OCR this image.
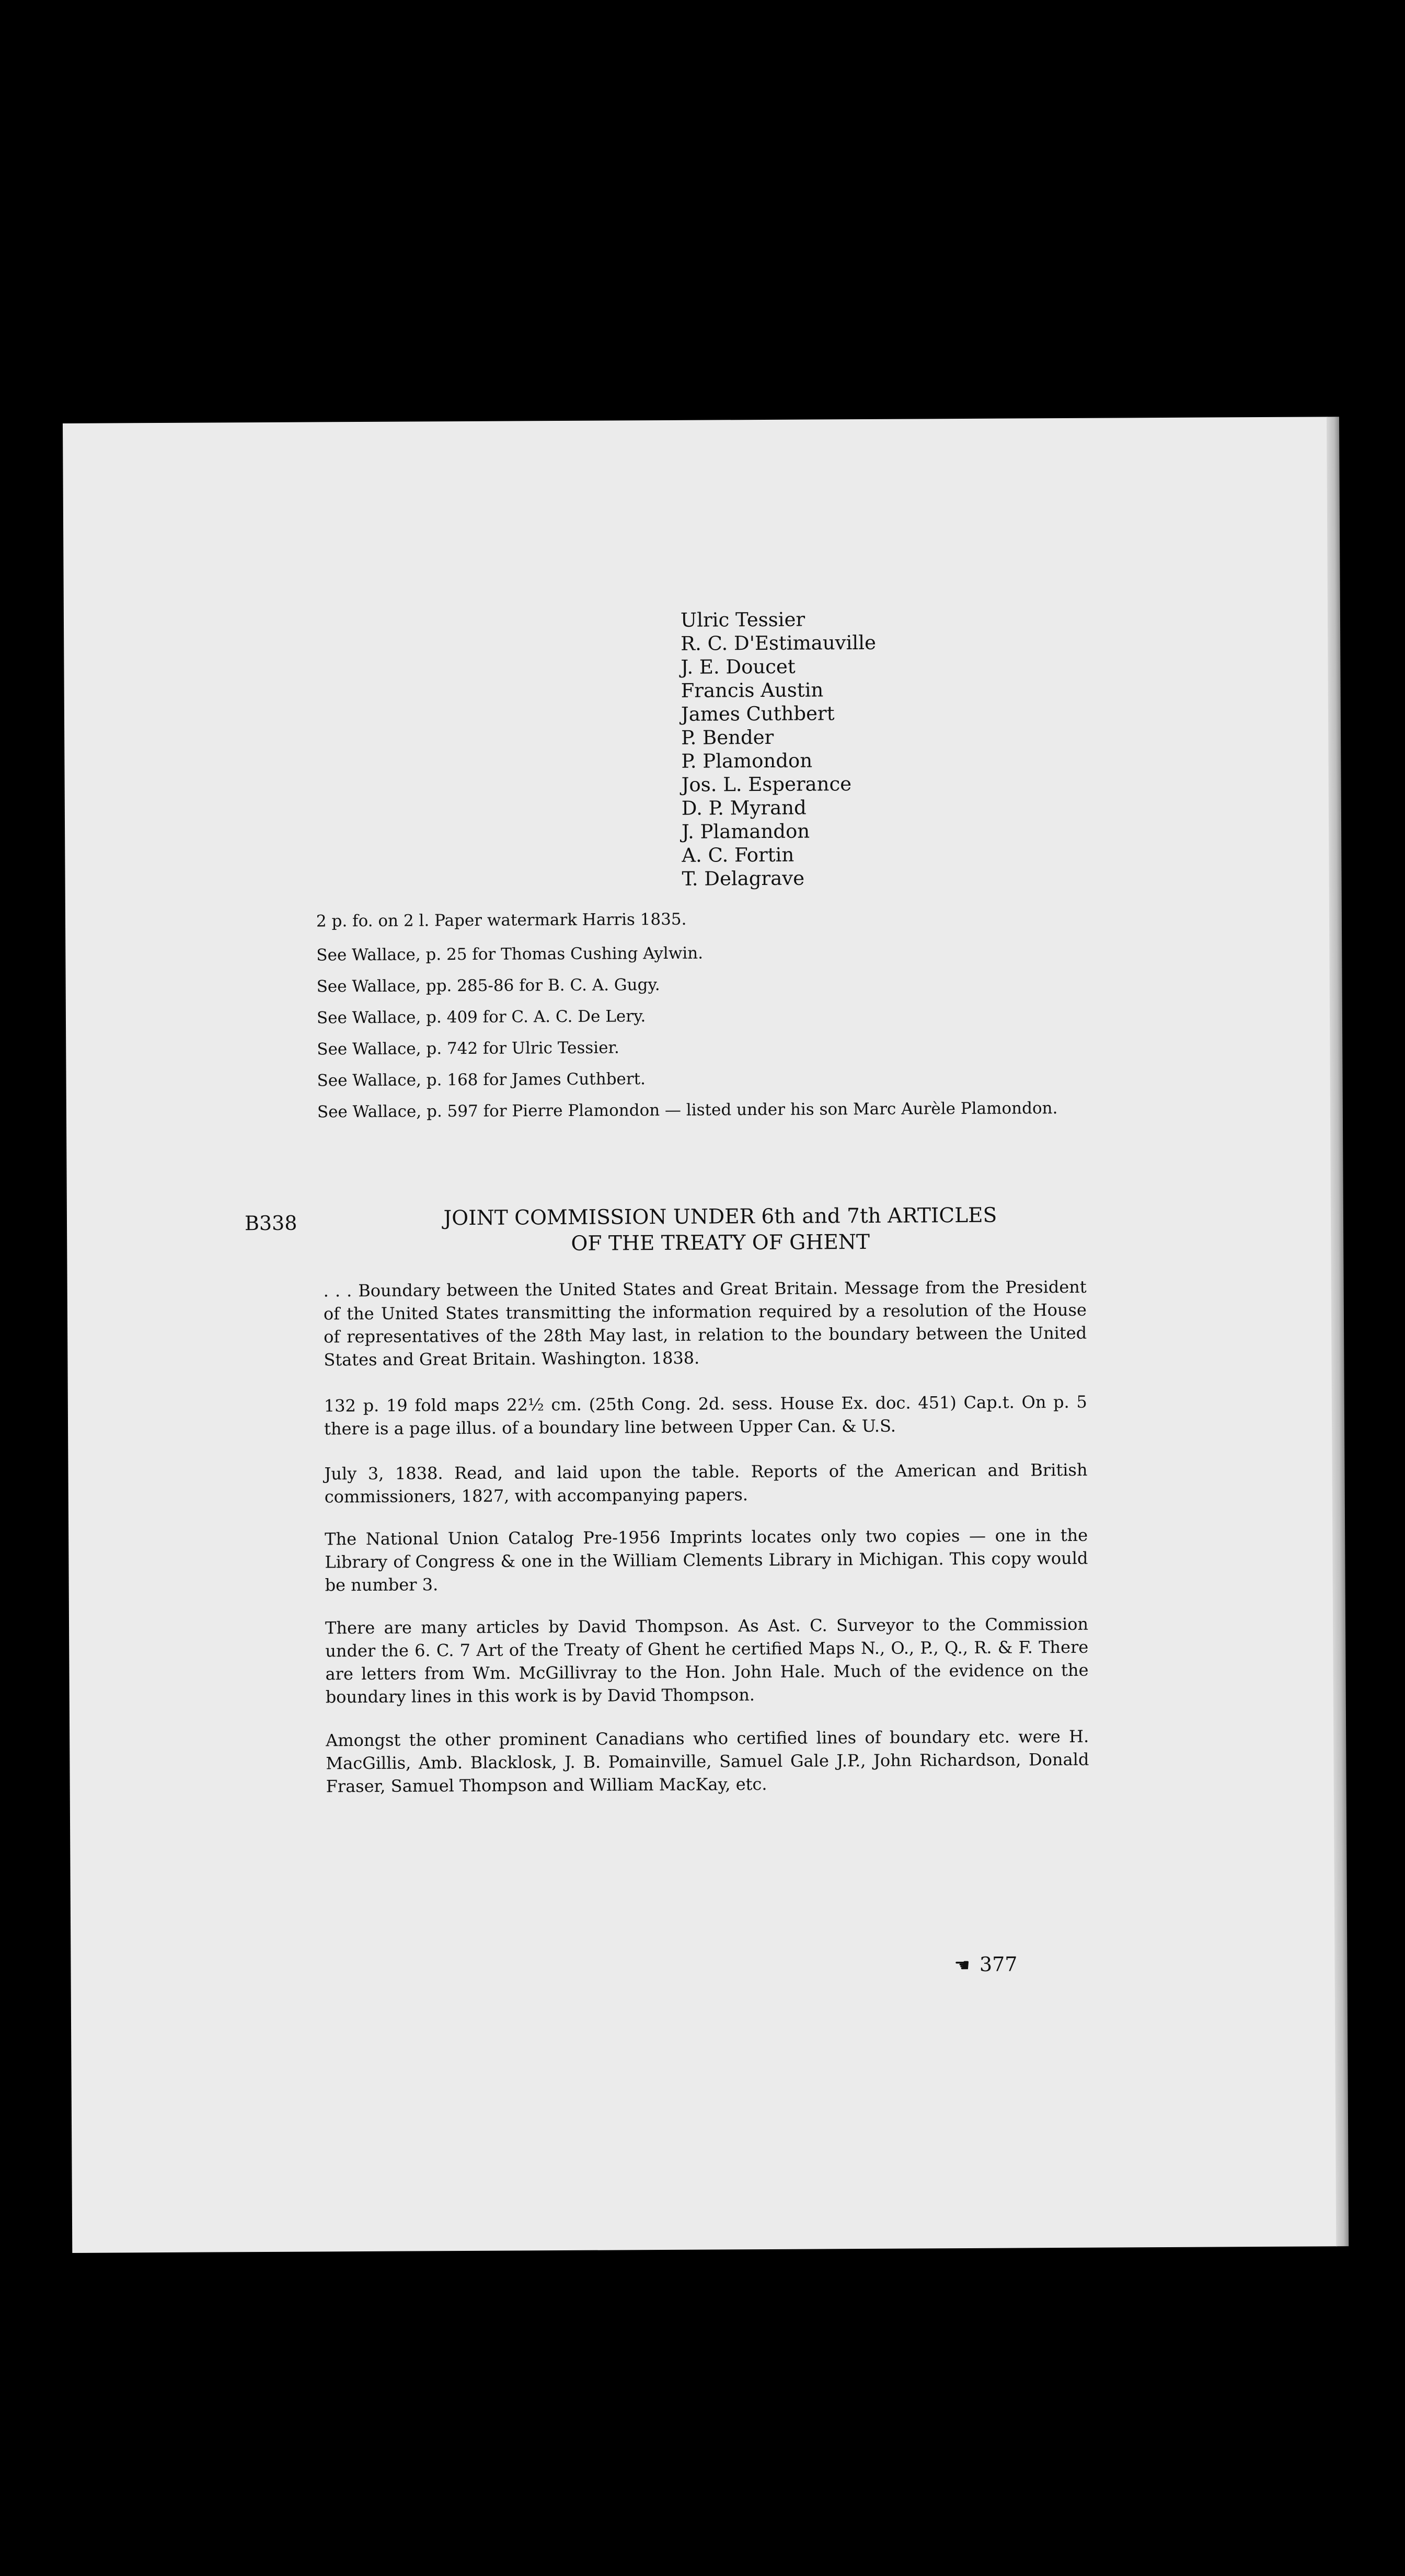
Ulric Tessier
R. C. D'Estimauville
J. E. Doucet
Francis Austin
James Cuthbert
P. Bender
P. Plamondon
Jos. L. Esperance
D. P. Myrand
J. Plamandon
A. C. Fortin
T. Delagrave
2 p. fo. on 2 l. Paper watermark Harris 1835.
See Wallace, p. 25 for Thomas Cushing Aylwin.
See Wallace, pp. 285-86 for B. C. A. Gugy.
See Wallace, p. 409 for C. A. C. De Lery.
See Wallace, p. 742 for Ulric Tessier.
See Wallace, p. 168 for James Cuthbert.
See Wallace, p. 597 for Pierre Plamondon — listed under his son Marc Aurèle Plamondon.
B338	JOINT COMMISSION UNDER 6th and 7th ARTICLES
OF THE TREATY OF GHENT
. . . Boundary between the United States and Great Britain. Message from the President of the United States transmitting the information required by a resolution of the House of representatives of the 28th May last, in relation to the boundary between the United States and Great Britain. Washington. 1838.
132 p. 19 fold maps 22½ cm. (25th Cong. 2d. sess. House Ex. doc. 451) Cap.t. On p. 5 there is a page illus. of a boundary line between Upper Can. & U.S.
July 3, 1838. Read, and laid upon the table. Reports of the American and British commissioners, 1827, with accompanying papers.
The National Union Catalog Pre-1956 Imprints locates only two copies — one in the Library of Congress & one in the William Clements Library in Michigan. This copy would be number 3.
There are many articles by David Thompson. As Ast. C. Surveyor to the Commission under the 6. C. 7 Art of the Treaty of Ghent he certified Maps N., O., P., Q., R. & F. There are letters from Wm. McGillivray to the Hon. John Hale. Much of the evidence on the boundary lines in this work is by David Thompson.
Amongst the other prominent Canadians who certified lines of boundary etc. were H. MacGillis, Amb. Blacklosk, J. B. Pomainville, Samuel Gale J.P., John Richardson, Donald Fraser, Samuel Thompson and William MacKay, etc.
☚ 377
